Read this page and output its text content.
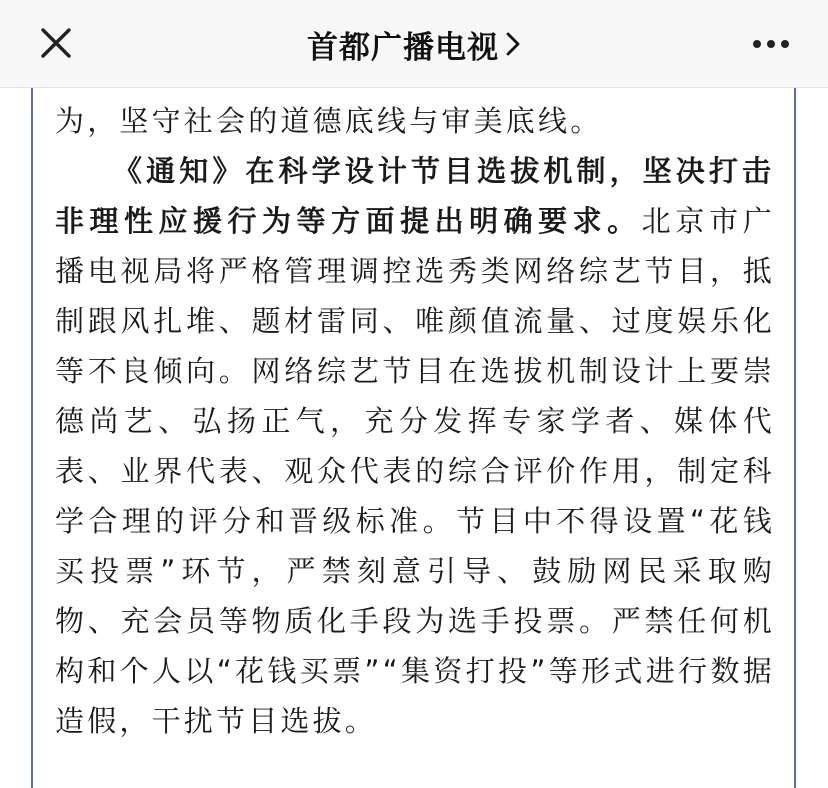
首都广播电视

为，坚守社会的道德底线与审美底线。

《通知》在科学设计节目选拔机制，坚决打击非理性应援行为等方面提出明确要求。北京市广播电视局将严格管理调控选秀类网络综艺节目，抵制跟风扎堆、题材雷同、唯颜值流量、过度娱乐化等不良倾向。网络综艺节目在选拔机制设计上要崇德尚艺、弘扬正气，充分发挥专家学者、媒体代表、业界代表、观众代表的综合评价作用，制定科学合理的评分和晋级标准。节目中不得设置“花钱买投票”环节，严禁刻意引导、鼓励网民采取购物、充会员等物质化手段为选手投票。严禁任何机构和个人以“花钱买票”“集资打投”等形式进行数据造假，干扰节目选拔。
